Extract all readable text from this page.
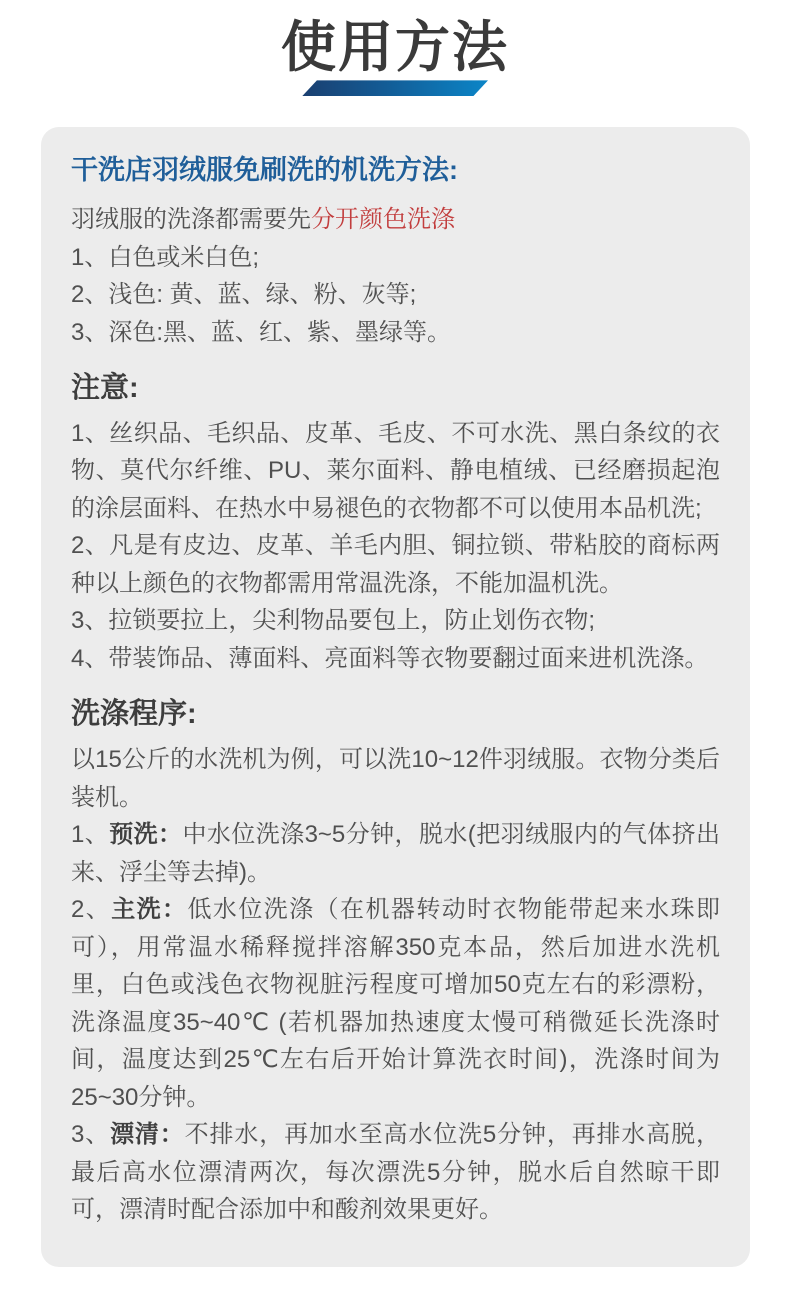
使用方法
干洗店羽绒服免刷洗的机洗方法:

羽绒服的洗涤都需要先分开颜色洗涤

1、白色或米白色;

2、浅色: 黄、蓝、绿、粉、灰等;

3、深色:黑、蓝、红、紫、墨绿等。

注意:

1、丝织品、毛织品、皮革、毛皮、不可水洗、黑白条纹的衣物、莫代尔纤维、PU、莱尔面料、静电植绒、已经磨损起泡的涂层面料、在热水中易褪色的衣物都不可以使用本品机洗;

2、凡是有皮边、皮革、羊毛内胆、铜拉锁、带粘胶的商标两种以上颜色的衣物都需用常温洗涤，不能加温机洗。

3、拉锁要拉上，尖利物品要包上，防止划伤衣物;

4、带装饰品、薄面料、亮面料等衣物要翻过面来进机洗涤。

洗涤程序:

以15公斤的水洗机为例，可以洗10~12件羽绒服。衣物分类后装机。

1、预洗：中水位洗涤3~5分钟，脱水(把羽绒服内的气体挤出来、浮尘等去掉)。

2、主洗：低水位洗涤（在机器转动时衣物能带起来水珠即可），用常温水稀释搅拌溶解350克本品，然后加进水洗机里，白色或浅色衣物视脏污程度可增加50克左右的彩漂粉，洗涤温度35~40℃ (若机器加热速度太慢可稍微延长洗涤时间，温度达到25℃左右后开始计算洗衣时间)，洗涤时间为25~30分钟。

3、漂清：不排水，再加水至高水位洗5分钟，再排水高脱，最后高水位漂清两次，每次漂洗5分钟，脱水后自然晾干即可，漂清时配合添加中和酸剂效果更好。
